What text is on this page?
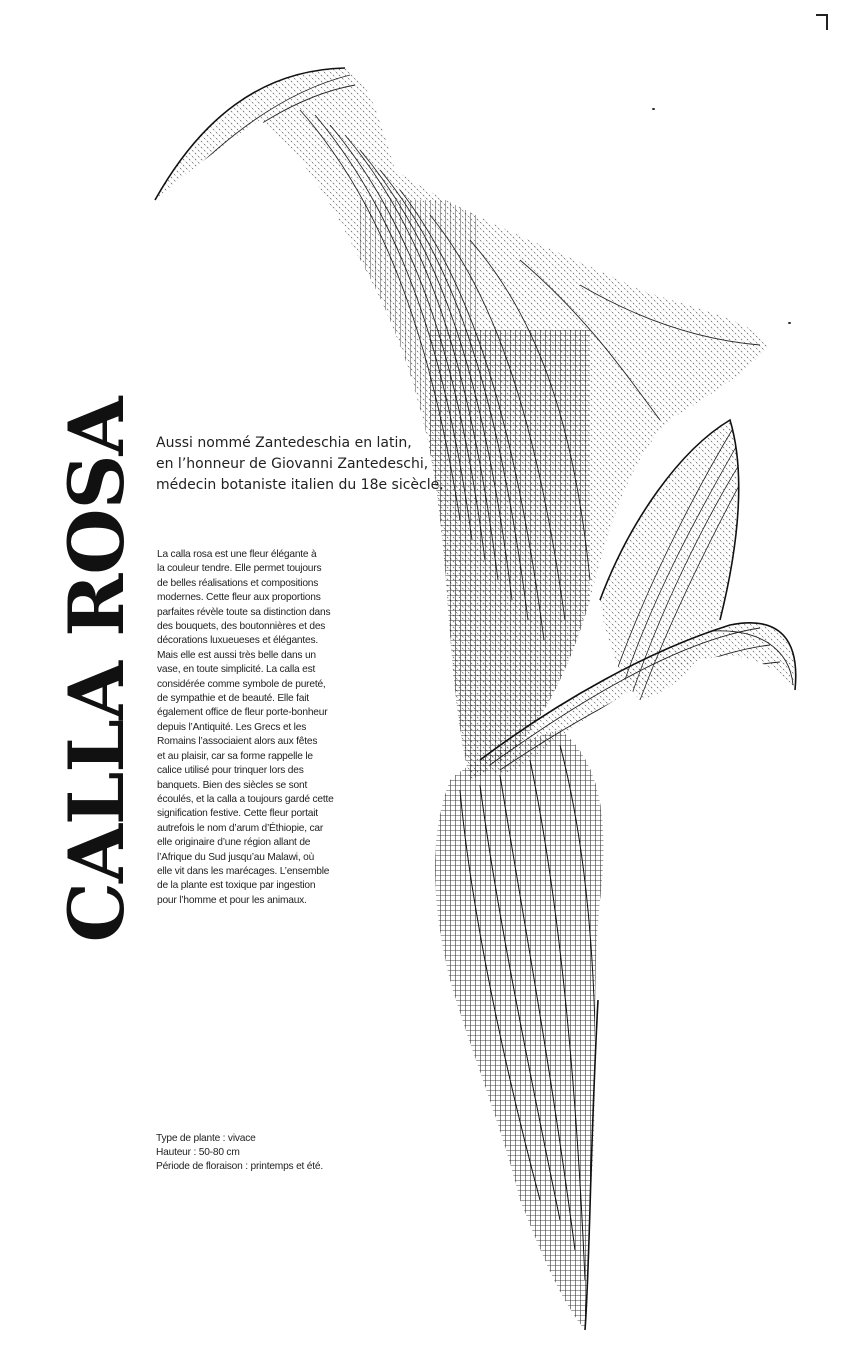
CALLA ROSA Aussi nommé Zantedeschia en latin,
en l’honneur de Giovanni Zantedeschi,
médecin botaniste italien du 18e sicècle.
La calla rosa est une fleur élégante à
la couleur tendre. Elle permet toujours
de belles réalisations et compositions
modernes. Cette fleur aux proportions
parfaites révèle toute sa distinction dans
des bouquets, des boutonnières et des
décorations luxueueses et élégantes.
Mais elle est aussi très belle dans un
vase, en toute simplicité. La calla est
considérée comme symbole de pureté,
de sympathie et de beauté. Elle fait
également office de fleur porte-bonheur
depuis l’Antiquité. Les Grecs et les
Romains l’associaient alors aux fêtes
et au plaisir, car sa forme rappelle le
calice utilisé pour trinquer lors des
banquets. Bien des siècles se sont
écoulés, et la calla a toujours gardé cette
signification festive. Cette fleur portait
autrefois le nom d’arum d’Éthiopie, car
elle originaire d’une région allant de
l’Afrique du Sud jusqu’au Malawi, où
elle vit dans les marécages. L’ensemble
de la plante est toxique par ingestion
pour l’homme et pour les animaux.
Type de plante : vivace
Hauteur : 50-80 cm
Période de floraison : printemps et été.
